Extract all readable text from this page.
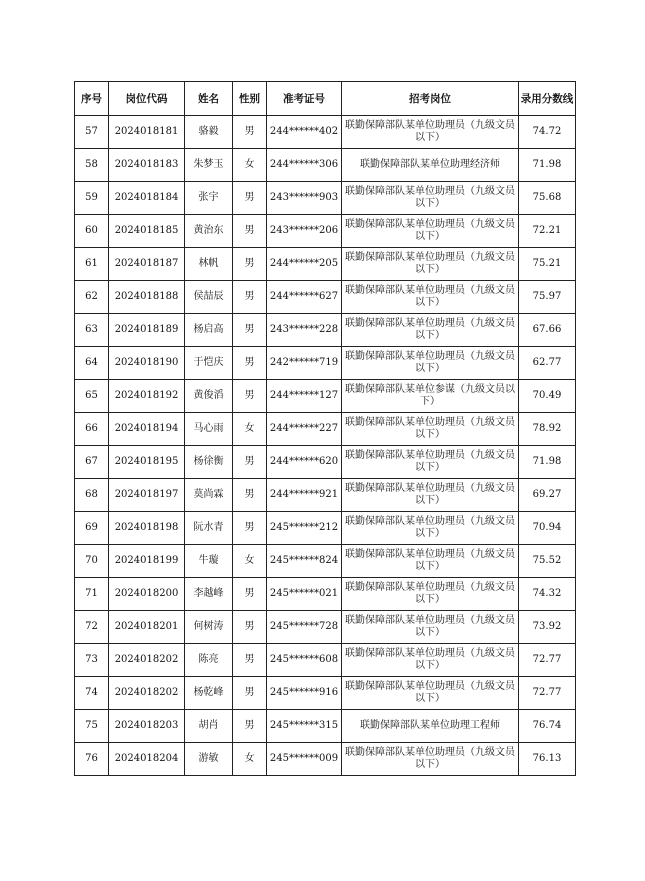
序号	岗位代码	姓名	性别	准考证号	招考岗位	录用分数线
57	2024018181	骆毅	男	244******402	联勤保障部队某单位助理员（九级文员以下）	74.72
58	2024018183	朱梦玉	女	244******306	联勤保障部队某单位助理经济师	71.98
59	2024018184	张宇	男	243******903	联勤保障部队某单位助理员（九级文员以下）	75.68
60	2024018185	黄治东	男	243******206	联勤保障部队某单位助理员（九级文员以下）	72.21
61	2024018187	林帆	男	244******205	联勤保障部队某单位助理员（九级文员以下）	75.21
62	2024018188	侯喆辰	男	244******627	联勤保障部队某单位助理员（九级文员以下）	75.97
63	2024018189	杨启高	男	243******228	联勤保障部队某单位助理员（九级文员以下）	67.66
64	2024018190	于恺庆	男	242******719	联勤保障部队某单位助理员（九级文员以下）	62.77
65	2024018192	黄俊滔	男	244******127	联勤保障部队某单位参谋（九级文员以下）	70.49
66	2024018194	马心雨	女	244******227	联勤保障部队某单位助理员（九级文员以下）	78.92
67	2024018195	杨徐衡	男	244******620	联勤保障部队某单位助理员（九级文员以下）	71.98
68	2024018197	莫尚霖	男	244******921	联勤保障部队某单位助理员（九级文员以下）	69.27
69	2024018198	阮水青	男	245******212	联勤保障部队某单位助理员（九级文员以下）	70.94
70	2024018199	牛璇	女	245******824	联勤保障部队某单位助理员（九级文员以下）	75.52
71	2024018200	李越峰	男	245******021	联勤保障部队某单位助理员（九级文员以下）	74.32
72	2024018201	何树涛	男	245******728	联勤保障部队某单位助理员（九级文员以下）	73.92
73	2024018202	陈亮	男	245******608	联勤保障部队某单位助理员（九级文员以下）	72.77
74	2024018202	杨乾峰	男	245******916	联勤保障部队某单位助理员（九级文员以下）	72.77
75	2024018203	胡肖	男	245******315	联勤保障部队某单位助理工程师	76.74
76	2024018204	游敏	女	245******009	联勤保障部队某单位助理员（九级文员以下）	76.13
